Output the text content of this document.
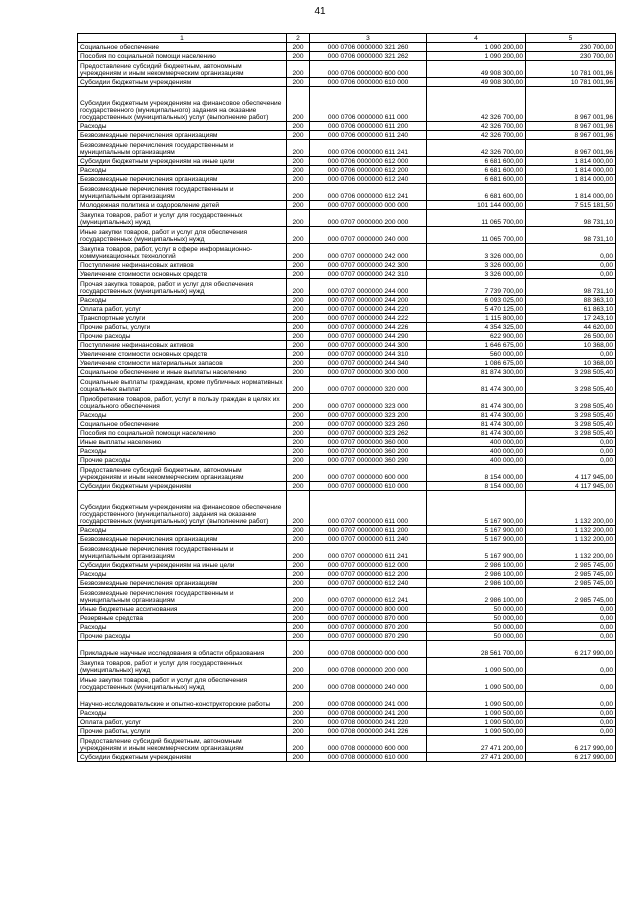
41
1	2	3	4	5
Социальное обеспечение	200	000 0706 0000000 321 260	1 090 200,00	230 700,00
Пособия по социальной помощи населению	200	000 0706 0000000 321 262	1 090 200,00	230 700,00
Предоставление субсидий бюджетным, автономным учреждениям и иным некоммерческим организациям	200	000 0706 0000000 600 000	49 908 300,00	10 781 001,96
Субсидии бюджетным учреждениям	200	000 0706 0000000 610 000	49 908 300,00	10 781 001,96
Субсидии бюджетным учреждениям на финансовое обеспечение государственного (муниципального) задания на оказание государственных (муниципальных) услуг (выполнение работ)	200	000 0706 0000000 611 000	42 326 700,00	8 967 001,96
Расходы	200	000 0706 0000000 611 200	42 326 700,00	8 967 001,96
Безвозмездные перечисления организациям	200	000 0706 0000000 611 240	42 326 700,00	8 967 001,96
Безвозмездные перечисления государственным и муниципальным организациям	200	000 0706 0000000 611 241	42 326 700,00	8 967 001,96
Субсидии бюджетным учреждениям на иные цели	200	000 0706 0000000 612 000	6 681 600,00	1 814 000,00
Расходы	200	000 0706 0000000 612 200	6 681 600,00	1 814 000,00
Безвозмездные перечисления организациям	200	000 0706 0000000 612 240	6 681 600,00	1 814 000,00
Безвозмездные перечисления государственным и муниципальным организациям	200	000 0706 0000000 612 241	6 681 600,00	1 814 000,00
Молодежная политика и оздоровление детей	200	000 0707 0000000 000 000	101 144 000,00	7 515 181,50
Закупка товаров, работ и услуг для государственных (муниципальных) нужд	200	000 0707 0000000 200 000	11 065 700,00	98 731,10
Иные закупки товаров, работ и услуг для обеспечения государственных (муниципальных) нужд	200	000 0707 0000000 240 000	11 065 700,00	98 731,10
Закупка товаров, работ, услуг в сфере информационно-коммуникационных технологий	200	000 0707 0000000 242 000	3 326 000,00	0,00
Поступление нефинансовых активов	200	000 0707 0000000 242 300	3 326 000,00	0,00
Увеличение стоимости основных средств	200	000 0707 0000000 242 310	3 326 000,00	0,00
Прочая закупка товаров, работ и услуг для обеспечения государственных (муниципальных) нужд	200	000 0707 0000000 244 000	7 739 700,00	98 731,10
Расходы	200	000 0707 0000000 244 200	6 093 025,00	88 363,10
Оплата работ, услуг	200	000 0707 0000000 244 220	5 470 125,00	61 863,10
Транспортные услуги	200	000 0707 0000000 244 222	1 115 800,00	17 243,10
Прочие работы, услуги	200	000 0707 0000000 244 226	4 354 325,00	44 620,00
Прочие расходы	200	000 0707 0000000 244 290	622 900,00	26 500,00
Поступление нефинансовых активов	200	000 0707 0000000 244 300	1 646 675,00	10 368,00
Увеличение стоимости основных средств	200	000 0707 0000000 244 310	560 000,00	0,00
Увеличение стоимости материальных запасов	200	000 0707 0000000 244 340	1 086 675,00	10 368,00
Социальное обеспечение и иные выплаты населению	200	000 0707 0000000 300 000	81 874 300,00	3 298 505,40
Социальные выплаты гражданам, кроме публичных нормативных социальных выплат	200	000 0707 0000000 320 000	81 474 300,00	3 298 505,40
Приобретение товаров, работ, услуг в пользу граждан в целях их социального обеспечения	200	000 0707 0000000 323 000	81 474 300,00	3 298 505,40
Расходы	200	000 0707 0000000 323 200	81 474 300,00	3 298 505,40
Социальное обеспечение	200	000 0707 0000000 323 260	81 474 300,00	3 298 505,40
Пособия по социальной помощи населению	200	000 0707 0000000 323 262	81 474 300,00	3 298 505,40
Иные выплаты населению	200	000 0707 0000000 360 000	400 000,00	0,00
Расходы	200	000 0707 0000000 360 200	400 000,00	0,00
Прочие расходы	200	000 0707 0000000 360 290	400 000,00	0,00
Предоставление субсидий бюджетным, автономным учреждениям и иным некоммерческим организациям	200	000 0707 0000000 600 000	8 154 000,00	4 117 945,00
Субсидии бюджетным учреждениям	200	000 0707 0000000 610 000	8 154 000,00	4 117 945,00
Субсидии бюджетным учреждениям на финансовое обеспечение государственного (муниципального) задания на оказание государственных (муниципальных) услуг (выполнение работ)	200	000 0707 0000000 611 000	5 167 900,00	1 132 200,00
Расходы	200	000 0707 0000000 611 200	5 167 900,00	1 132 200,00
Безвозмездные перечисления организациям	200	000 0707 0000000 611 240	5 167 900,00	1 132 200,00
Безвозмездные перечисления государственным и муниципальным организациям	200	000 0707 0000000 611 241	5 167 900,00	1 132 200,00
Субсидии бюджетным учреждениям на иные цели	200	000 0707 0000000 612 000	2 986 100,00	2 985 745,00
Расходы	200	000 0707 0000000 612 200	2 986 100,00	2 985 745,00
Безвозмездные перечисления организациям	200	000 0707 0000000 612 240	2 986 100,00	2 985 745,00
Безвозмездные перечисления государственным и муниципальным организациям	200	000 0707 0000000 612 241	2 986 100,00	2 985 745,00
Иные бюджетные ассигнования	200	000 0707 0000000 800 000	50 000,00	0,00
Резервные средства	200	000 0707 0000000 870 000	50 000,00	0,00
Расходы	200	000 0707 0000000 870 200	50 000,00	0,00
Прочие расходы	200	000 0707 0000000 870 290	50 000,00	0,00
Прикладные научные исследования в области образования	200	000 0708 0000000 000 000	28 561 700,00	6 217 990,00
Закупка товаров, работ и услуг для государственных (муниципальных) нужд	200	000 0708 0000000 200 000	1 090 500,00	0,00
Иные закупки товаров, работ и услуг для обеспечения государственных (муниципальных) нужд	200	000 0708 0000000 240 000	1 090 500,00	0,00
Научно-исследовательские и опытно-конструкторские работы	200	000 0708 0000000 241 000	1 090 500,00	0,00
Расходы	200	000 0708 0000000 241 200	1 090 500,00	0,00
Оплата работ, услуг	200	000 0708 0000000 241 220	1 090 500,00	0,00
Прочие работы, услуги	200	000 0708 0000000 241 226	1 090 500,00	0,00
Предоставление субсидий бюджетным, автономным учреждениям и иным некоммерческим организациям	200	000 0708 0000000 600 000	27 471 200,00	6 217 990,00
Субсидии бюджетным учреждениям	200	000 0708 0000000 610 000	27 471 200,00	6 217 990,00
